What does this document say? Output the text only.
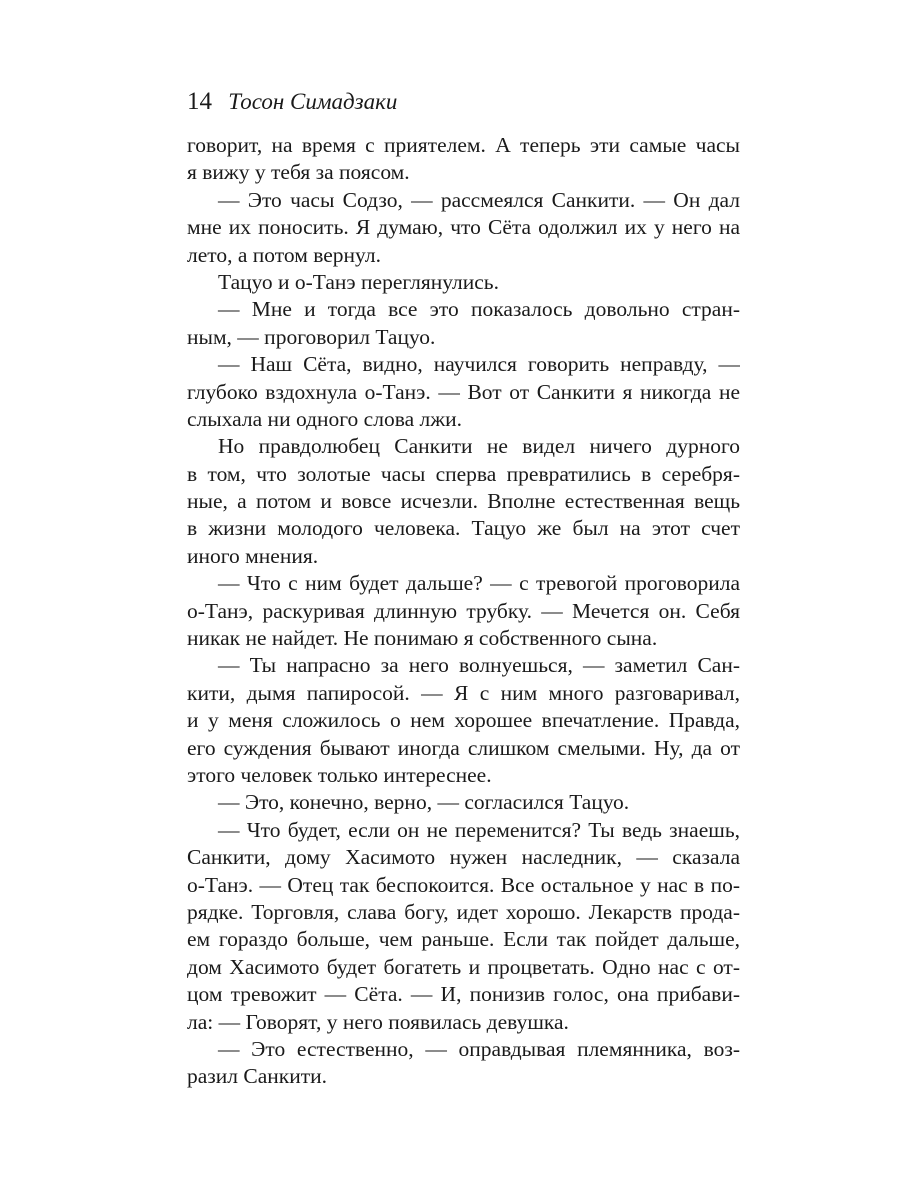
14 Тосон Симадзаки
говорит, на время с приятелем. А теперь эти самые часы
я вижу у тебя за поясом.
— Это часы Содзо, — рассмеялся Санкити. — Он дал
мне их поносить. Я думаю, что Сёта одолжил их у него на
лето, а потом вернул.
Тацуо и о-Танэ переглянулись.
— Мне и тогда все это показалось довольно стран-
ным, — проговорил Тацуо.
— Наш Сёта, видно, научился говорить неправду, —
глубоко вздохнула о-Танэ. — Вот от Санкити я никогда не
слыхала ни одного слова лжи.
Но правдолюбец Санкити не видел ничего дурного
в том, что золотые часы сперва превратились в серебря-
ные, а потом и вовсе исчезли. Вполне естественная вещь
в жизни молодого человека. Тацуо же был на этот счет
иного мнения.
— Что с ним будет дальше? — с тревогой проговорила
о-Танэ, раскуривая длинную трубку. — Мечется он. Себя
никак не найдет. Не понимаю я собственного сына.
— Ты напрасно за него волнуешься, — заметил Сан-
кити, дымя папиросой. — Я с ним много разговаривал,
и у меня сложилось о нем хорошее впечатление. Правда,
его суждения бывают иногда слишком смелыми. Ну, да от
этого человек только интереснее.
— Это, конечно, верно, — согласился Тацуо.
— Что будет, если он не переменится? Ты ведь знаешь,
Санкити, дому Хасимото нужен наследник, — сказала
о-Танэ. — Отец так беспокоится. Все остальное у нас в по-
рядке. Торговля, слава богу, идет хорошо. Лекарств прода-
ем гораздо больше, чем раньше. Если так пойдет дальше,
дом Хасимото будет богатеть и процветать. Одно нас с от-
цом тревожит — Сёта. — И, понизив голос, она прибави-
ла: — Говорят, у него появилась девушка.
— Это естественно, — оправдывая племянника, воз-
разил Санкити.
